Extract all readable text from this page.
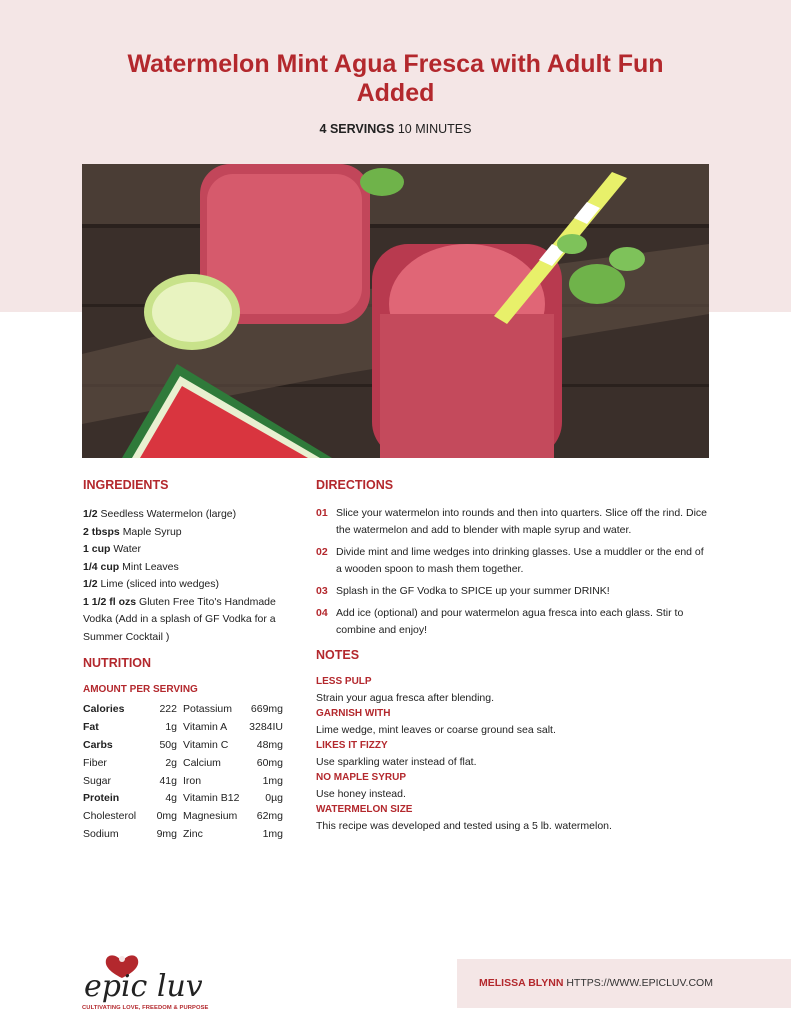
Watermelon Mint Agua Fresca with Adult Fun Added
4 SERVINGS 10 MINUTES
INGREDIENTS
1/2 Seedless Watermelon (large)
2 tbsps Maple Syrup
1 cup Water
1/4 cup Mint Leaves
1/2 Lime (sliced into wedges)
1 1/2 fl ozs Gluten Free Tito's Handmade Vodka (Add in a splash of GF Vodka for a Summer Cocktail )
DIRECTIONS
01 Slice your watermelon into rounds and then into quarters. Slice off the rind. Dice the watermelon and add to blender with maple syrup and water.
02 Divide mint and lime wedges into drinking glasses. Use a muddler or the end of a wooden spoon to mash them together.
03 Splash in the GF Vodka to SPICE up your summer DRINK!
04 Add ice (optional) and pour watermelon agua fresca into each glass. Stir to combine and enjoy!
NUTRITION
AMOUNT PER SERVING
Calories	222	Potassium	669mg
Fat	1g	Vitamin A	3284IU
Carbs	50g	Vitamin C	48mg
Fiber	2g	Calcium	60mg
Sugar	41g	Iron	1mg
Protein	4g	Vitamin B12	0µg
Cholesterol	0mg	Magnesium	62mg
Sodium	9mg	Zinc	1mg
NOTES
LESS PULP
Strain your agua fresca after blending.
GARNISH WITH
Lime wedge, mint leaves or coarse ground sea salt.
LIKES IT FIZZY
Use sparkling water instead of flat.
NO MAPLE SYRUP
Use honey instead.
WATERMELON SIZE
This recipe was developed and tested using a 5 lb. watermelon.
epic luv
CULTIVATING LOVE, FREEDOM & PURPOSE
MELISSA BLYNN HTTPS://WWW.EPICLUV.COM
